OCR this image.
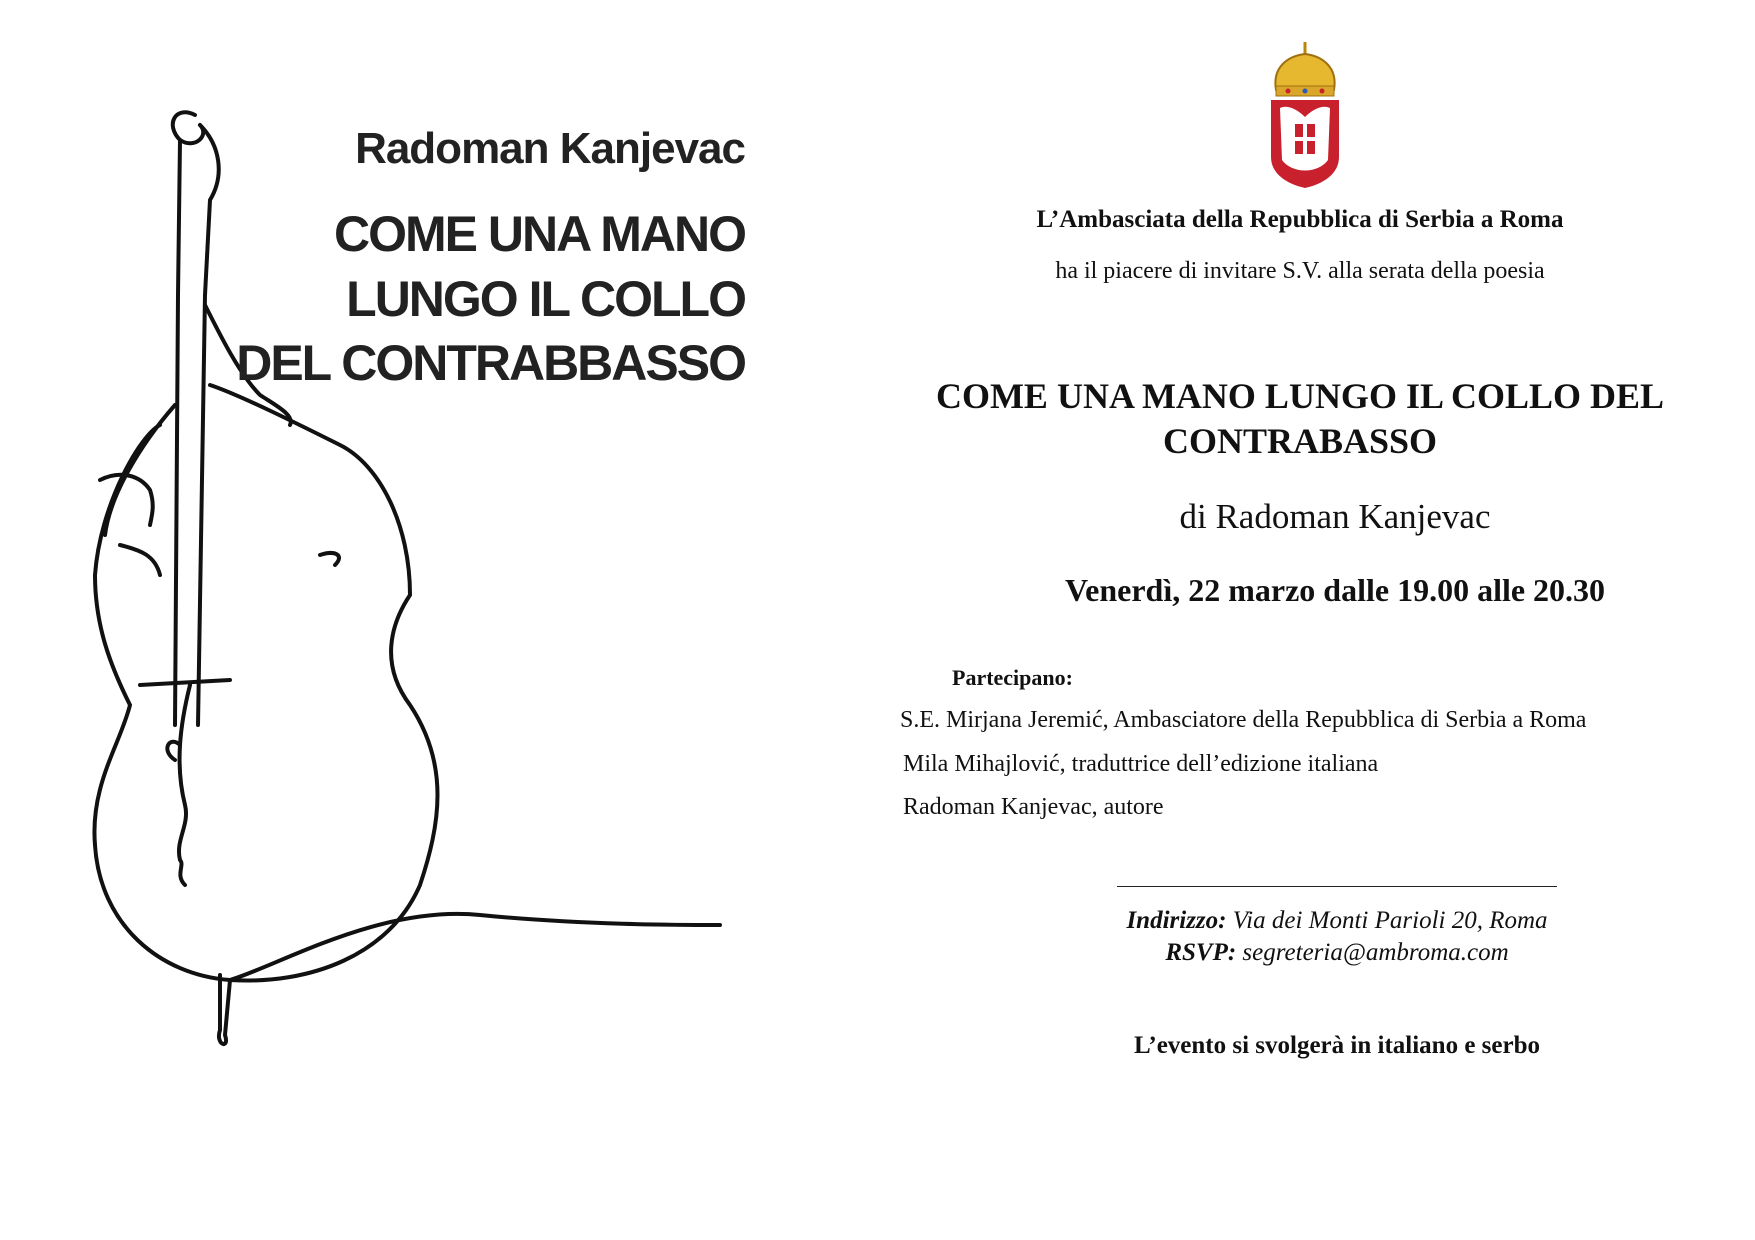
Radoman Kanjevac
COME UNA MANO
LUNGO IL COLLO
DEL CONTRABBASSO
L’Ambasciata della Repubblica di Serbia a Roma
ha il piacere di invitare S.V. alla serata della poesia
COME UNA MANO LUNGO IL COLLO DEL
CONTRABASSO
di Radoman Kanjevac
Venerdì, 22 marzo dalle 19.00 alle 20.30
Partecipano:
S.E. Mirjana Jeremić, Ambasciatore della Repubblica di Serbia a Roma
Mila Mihajlović, traduttrice dell’edizione italiana
Radoman Kanjevac, autore
Indirizzo: Via dei Monti Parioli 20, Roma
RSVP: segreteria@ambroma.com
L’evento si svolgerà in italiano e serbo
